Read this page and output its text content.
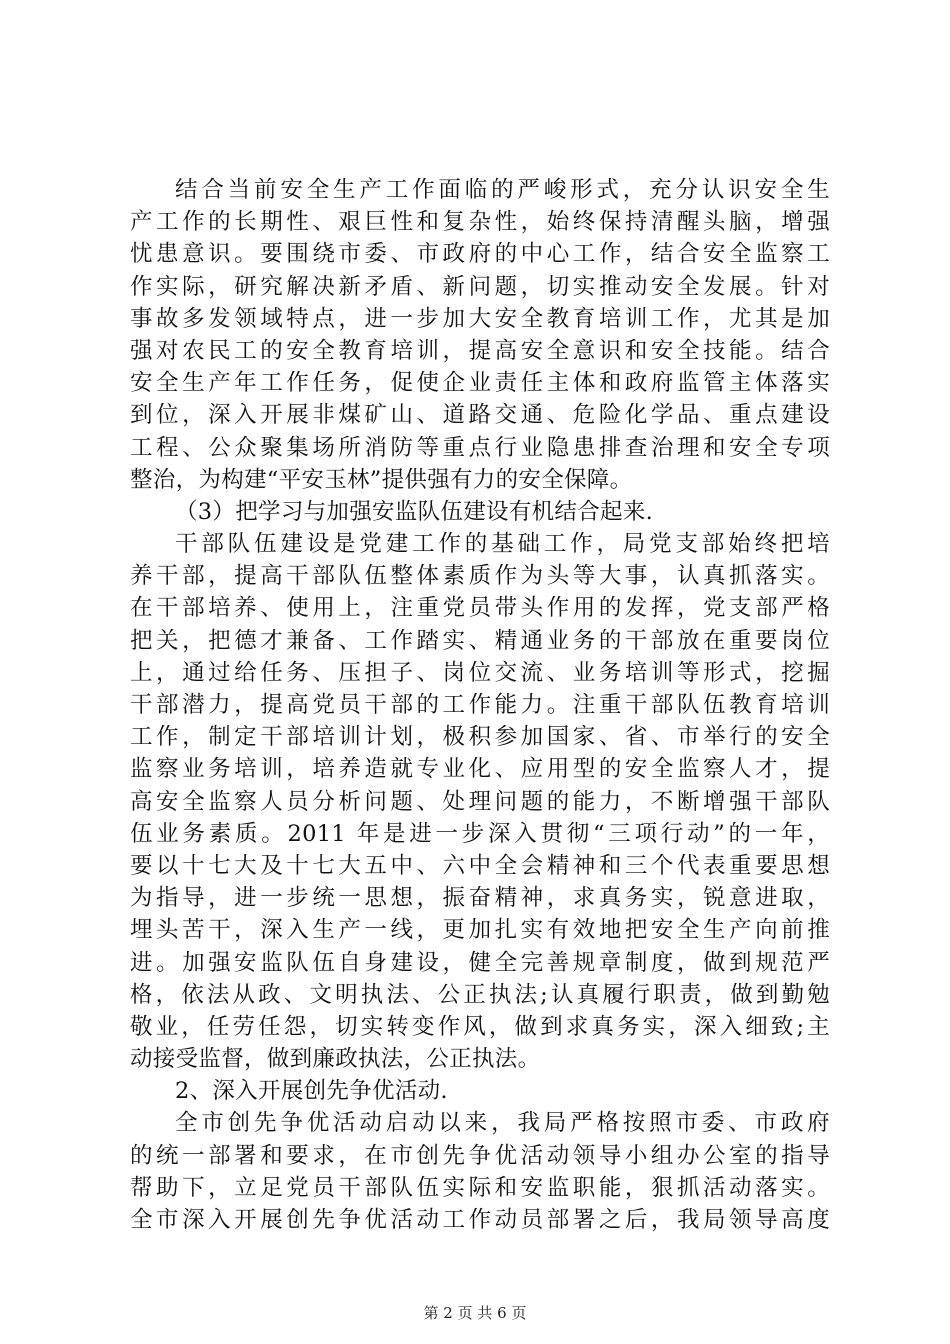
结合当前安全生产工作面临的严峻形式，充分认识安全生
产工作的长期性、艰巨性和复杂性，始终保持清醒头脑，增强
忧患意识。要围绕市委、市政府的中心工作，结合安全监察工
作实际，研究解决新矛盾、新问题，切实推动安全发展。针对
事故多发领域特点，进一步加大安全教育培训工作，尤其是加
强对农民工的安全教育培训，提高安全意识和安全技能。结合
安全生产年工作任务，促使企业责任主体和政府监管主体落实
到位，深入开展非煤矿山、道路交通、危险化学品、重点建设
工程、公众聚集场所消防等重点行业隐患排查治理和安全专项
整治，为构建“平安玉林”提供强有力的安全保障。
（3）把学习与加强安监队伍建设有机结合起来.
干部队伍建设是党建工作的基础工作，局党支部始终把培
养干部，提高干部队伍整体素质作为头等大事，认真抓落实。
在干部培养、使用上，注重党员带头作用的发挥，党支部严格
把关，把德才兼备、工作踏实、精通业务的干部放在重要岗位
上，通过给任务、压担子、岗位交流、业务培训等形式，挖掘
干部潜力，提高党员干部的工作能力。注重干部队伍教育培训
工作，制定干部培训计划，极积参加国家、省、市举行的安全
监察业务培训，培养造就专业化、应用型的安全监察人才，提
高安全监察人员分析问题、处理问题的能力，不断增强干部队
伍业务素质。2011 年是进一步深入贯彻“三项行动”的一年，
要以十七大及十七大五中、六中全会精神和三个代表重要思想
为指导，进一步统一思想，振奋精神，求真务实，锐意进取，
埋头苦干，深入生产一线，更加扎实有效地把安全生产向前推
进。加强安监队伍自身建设，健全完善规章制度，做到规范严
格，依法从政、文明执法、公正执法;认真履行职责，做到勤勉
敬业，任劳任怨，切实转变作风，做到求真务实，深入细致;主
动接受监督，做到廉政执法，公正执法。
2、深入开展创先争优活动.
全市创先争优活动启动以来，我局严格按照市委、市政府
的统一部署和要求，在市创先争优活动领导小组办公室的指导
帮助下，立足党员干部队伍实际和安监职能，狠抓活动落实。
全市深入开展创先争优活动工作动员部署之后，我局领导高度
第 2 页 共 6 页
